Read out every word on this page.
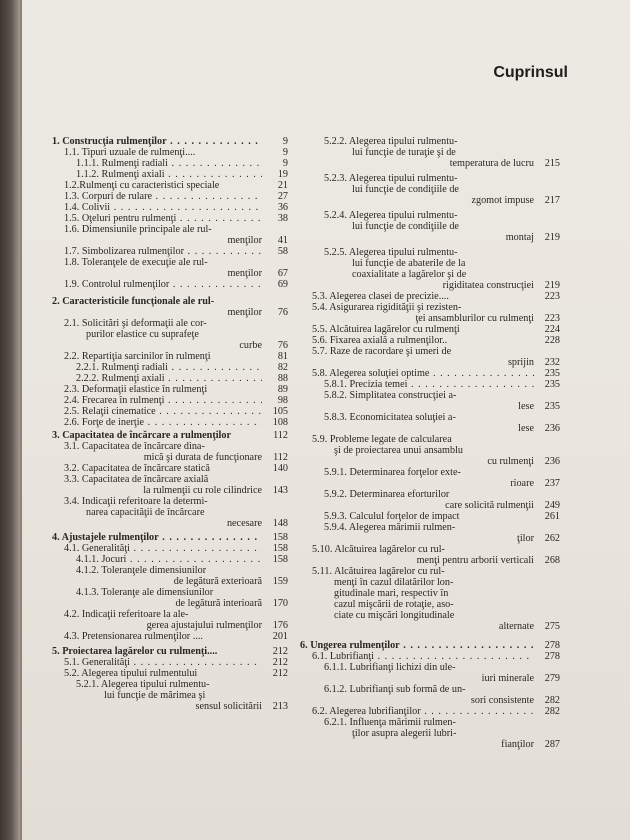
Cuprinsul
1. Construcţia rulmenţilor . . .	9
1.1. Tipuri uzuale de rulmenţi....	9
1.1.1. Rulmenţi radiali . . .	9
1.1.2. Rulmenţi axiali . . .	19
1.2.Rulmenţi cu caracteristici speciale	21
1.3. Corpuri de rulare . . .	27
1.4. Coliviі . . .	36
1.5. Oţeluri pentru rulmenţi . . .	38
1.6. Dimensiunile principale ale rul-
menţilor	41
1.7. Simbolizarea rulmenţilor . . .	58
1.8. Toleranţele de execuţie ale rul-
menţilor	67
1.9. Controlul rulmenţilor . . .	69
2. Caracteristicile funcţionale ale rul-
menţilor	76
2.1. Solicitări şi deformaţii ale cor-
purilor elastice cu suprafeţe
curbe	76
2.2. Repartiţia sarcinilor în rulmenţi	81
2.2.1. Rulmenţi radiali . . .	82
2.2.2. Rulmenţi axiali . . .	88
2.3. Deformaţii elastice în rulmenţi	89
2.4. Frecarea în rulmenţi . . .	98
2.5. Relaţii cinematice . . .	105
2.6. Forţe de inerţie . . .	108
3. Capacitatea de încărcare a rulmenţilor	112
3.1. Capacitatea de încărcare dina-
mică şi durata de funcţionare	112
3.2. Capacitatea de încărcare statică	140
3.3. Capacitatea de încărcare axială
la rulmenţii cu role cilindrice	143
3.4. Indicaţii referitoare la determi-
narea capacităţii de încărcare
necesare	148
4. Ajustajele rulmenţilor . . .	158
4.1. Generalităţi . . .	158
4.1.1. Jocuri . . .	158
4.1.2. Toleranţele dimensiunilor
de legătură exterioară	159
4.1.3. Toleranţe ale dimensiunilor
de legătură interioară	170
4.2. Indicaţii referitoare la ale-
gerea ajustajului rulmenţilor	176
4.3. Pretensionarea rulmenţilor ....	201
5. Proiectarea lagărelor cu rulmenţi....	212
5.1. Generalităţi . . .	212
5.2. Alegerea tipului rulmentului	212
5.2.1. Alegerea tipului rulmentu-
lui funcţie de mărimea şi
sensul solicitării	213
5.2.2. Alegerea tipului rulmentu-
lui funcţie de turaţie şi de
temperatura de lucru	215
5.2.3. Alegerea tipului rulmentu-
lui funcţie de condiţiile de
zgomot impuse	217
5.2.4. Alegerea tipului rulmentu-
lui funcţie de condiţiile de
montaj	219
5.2.5. Alegerea tipului rulmentu-
lui funcţie de abaterile de la
coaxialitate a lagărelor şi de
rigiditatea construcţiei	219
5.3. Alegerea clasei de precizie....	223
5.4. Asigurarea rigidităţii şi rezisten-
ţei ansamblurilor cu rulmenţi	223
5.5. Alcătuirea lagărelor cu rulmenţi	224
5.6. Fixarea axială a rulmenţilor..	228
5.7. Raze de racordare şi umeri de
sprijin	232
5.8. Alegerea soluţiei optime . . .	235
5.8.1. Precizia temei . . .	235
5.8.2. Simplitatea construcţiei a-
lese	235
5.8.3. Economicitatea soluţiei a-
lese	236
5.9. Probleme legate de calcularea
şi de proiectarea unui ansamblu
cu rulmenţi	236
5.9.1. Determinarea forţelor exte-
rioare	237
5.9.2. Determinarea eforturilor
care solicită rulmenţii	249
5.9.3. Calculul forţelor de impact	261
5.9.4. Alegerea mărimii rulmen-
ţilor	262
5.10. Alcătuirea lagărelor cu rul-
menţi pentru arborii verticali	268
5.11. Alcătuirea lagărelor cu rul-
menţi în cazul dilatărilor lon-
gitudinale mari, respectiv în
cazul mişcării de rotaţie, aso-
ciate cu mişcări longitudinale
alternate	275
6. Ungerea rulmenţilor . . .	278
6.1. Lubrifianţi . . .	278
6.1.1. Lubrifianţi lichizi din ule-
iuri minerale	279
6.1.2. Lubrifianţi sub formă de un-
sori consistente	282
6.2. Alegerea lubrifianţilor . . .	282
6.2.1. Influenţa mărimii rulmen-
ţilor asupra alegerii lubri-
fianţilor	287
